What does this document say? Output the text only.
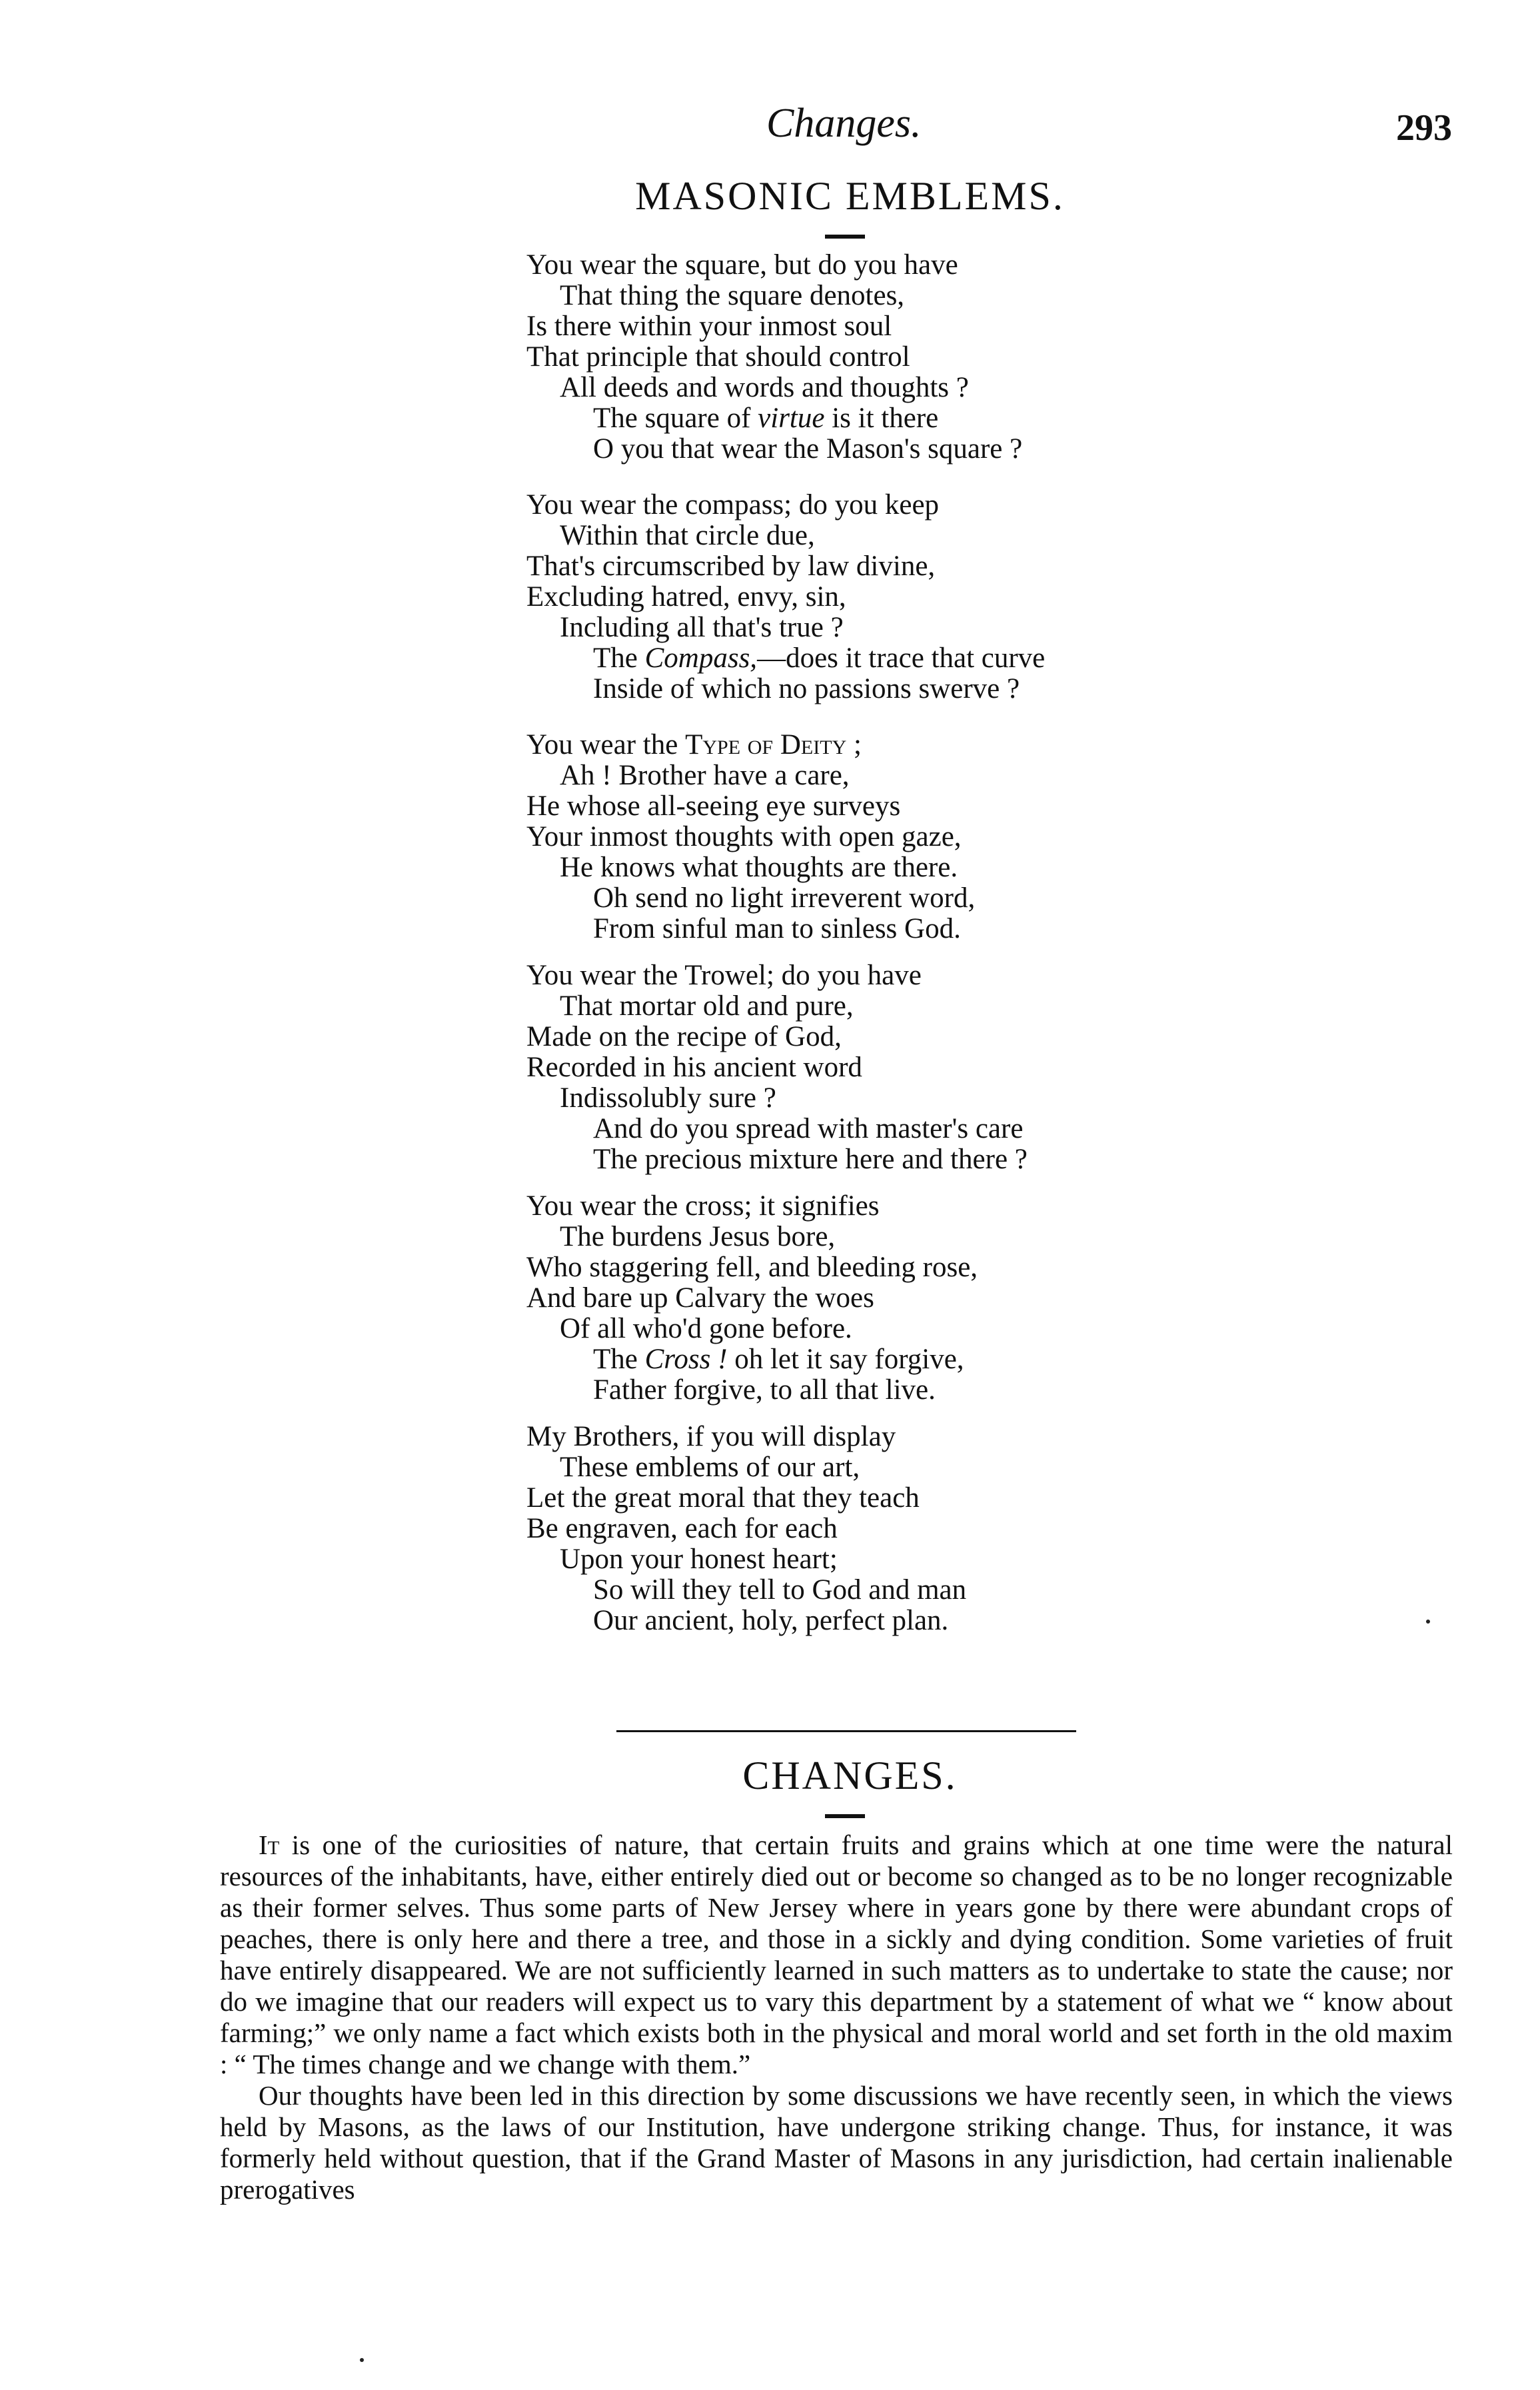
Changes.	293
MASONIC EMBLEMS.
You wear the square, but do you have
That thing the square denotes,
Is there within your inmost soul
That principle that should control
All deeds and words and thoughts ?
The square of virtue is it there
O you that wear the Mason's square ?
You wear the compass; do you keep
Within that circle due,
That's circumscribed by law divine,
Excluding hatred, envy, sin,
Including all that's true ?
The Compass,—does it trace that curve
Inside of which no passions swerve ?
You wear the Type of Deity ;
Ah ! Brother have a care,
He whose all-seeing eye surveys
Your inmost thoughts with open gaze,
He knows what thoughts are there.
Oh send no light irreverent word,
From sinful man to sinless God.
You wear the Trowel; do you have
That mortar old and pure,
Made on the recipe of God,
Recorded in his ancient word
Indissolubly sure ?
And do you spread with master's care
The precious mixture here and there ?
You wear the cross; it signifies
The burdens Jesus bore,
Who staggering fell, and bleeding rose,
And bare up Calvary the woes
Of all who'd gone before.
The Cross ! oh let it say forgive,
Father forgive, to all that live.
My Brothers, if you will display
These emblems of our art,
Let the great moral that they teach
Be engraven, each for each
Upon your honest heart;
So will they tell to God and man
Our ancient, holy, perfect plan.
CHANGES.

It is one of the curiosities of nature, that certain fruits and grains which at one time were the natural resources of the inhabitants, have, either entirely died out or become so changed as to be no longer recognizable as their former selves. Thus some parts of New Jersey where in years gone by there were abundant crops of peaches, there is only here and there a tree, and those in a sickly and dying condition. Some varieties of fruit have entirely disappeared. We are not sufficiently learned in such matters as to undertake to state the cause; nor do we imagine that our readers will expect us to vary this department by a statement of what we “ know about farming;” we only name a fact which exists both in the physical and moral world and set forth in the old maxim : “ The times change and we change with them.”

Our thoughts have been led in this direction by some discussions we have recently seen, in which the views held by Masons, as the laws of our Institution, have undergone striking change. Thus, for instance, it was formerly held without question, that if the Grand Master of Masons in any jurisdiction, had certain inalienable prerogatives
